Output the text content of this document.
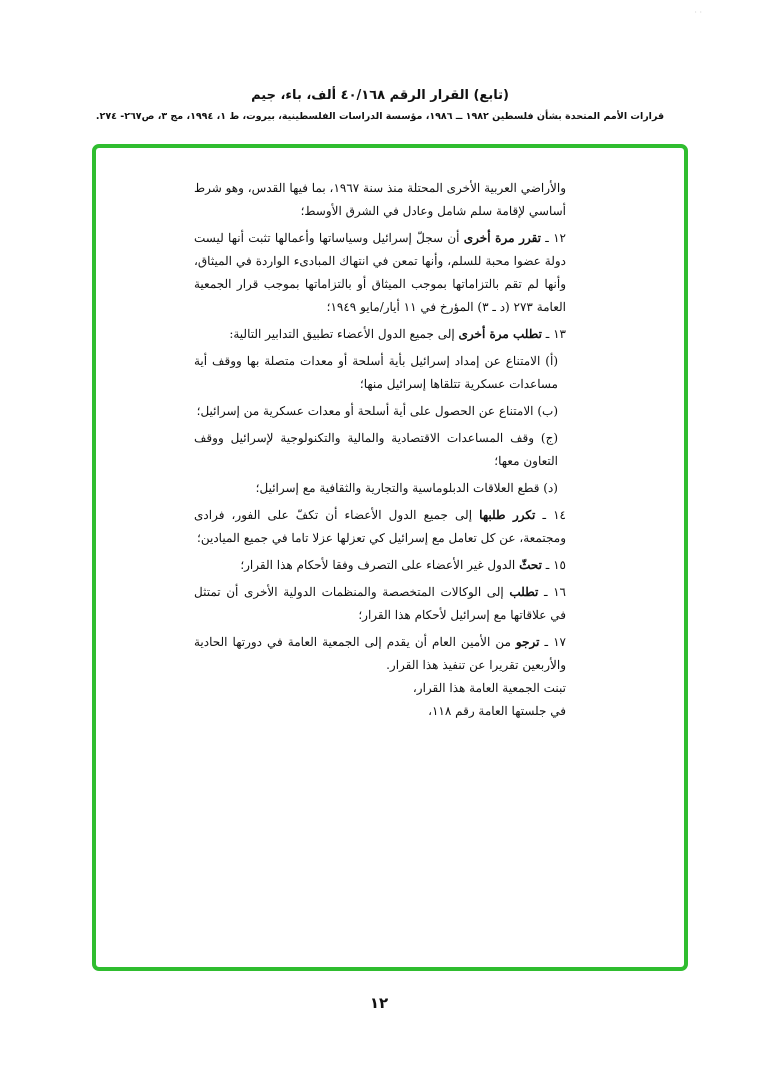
· ·
(تابع) القرار الرقم ٤٠/١٦٨ ألف، باء، جيم
قرارات الأمم المتحدة بشأن فلسطين ١٩٨٢ ــ ١٩٨٦، مؤسسة الدراسات الفلسطينية، بيروت، ط ١، ١٩٩٤، مج ٣، ص٢٦٧- ٢٧٤.

والأراضي العربية الأخرى المحتلة منذ سنة ١٩٦٧، بما فيها القدس، وهو شرط أساسي لإقامة سلم شامل وعادل في الشرق الأوسط؛

١٢ ـ تقرر مرة أخرى أن سجلّ إسرائيل وسياساتها وأعمالها تثبت أنها ليست دولة عضوا محبة للسلم، وأنها تمعن في انتهاك المبادىء الواردة في الميثاق، وأنها لم تقم بالتزاماتها بموجب الميثاق أو بالتزاماتها بموجب قرار الجمعية العامة ٢٧٣ (د ـ ٣) المؤرخ في ١١ أيار/مايو ١٩٤٩؛

١٣ ـ تطلب مرة أخرى إلى جميع الدول الأعضاء تطبيق التدابير التالية:

(أ) الامتناع عن إمداد إسرائيل بأية أسلحة أو معدات متصلة بها ووقف أية مساعدات عسكرية تتلقاها إسرائيل منها؛

(ب) الامتناع عن الحصول على أية أسلحة أو معدات عسكرية من إسرائيل؛

(ج) وقف المساعدات الاقتصادية والمالية والتكنولوجية لإسرائيل ووقف التعاون معها؛

(د) قطع العلاقات الدبلوماسية والتجارية والثقافية مع إسرائيل؛

١٤ ـ تكرر طلبها إلى جميع الدول الأعضاء أن تكفّ على الفور، فرادى ومجتمعة، عن كل تعامل مع إسرائيل كي تعزلها عزلا تاما في جميع الميادين؛

١٥ ـ تحثّ الدول غير الأعضاء على التصرف وفقا لأحكام هذا القرار؛

١٦ ـ تطلب إلى الوكالات المتخصصة والمنظمات الدولية الأخرى أن تمتثل في علاقاتها مع إسرائيل لأحكام هذا القرار؛

١٧ ـ ترجو من الأمين العام أن يقدم إلى الجمعية العامة في دورتها الحادية والأربعين تقريرا عن تنفيذ هذا القرار.

تبنت الجمعية العامة هذا القرار،

في جلستها العامة رقم ١١٨،

١٢
